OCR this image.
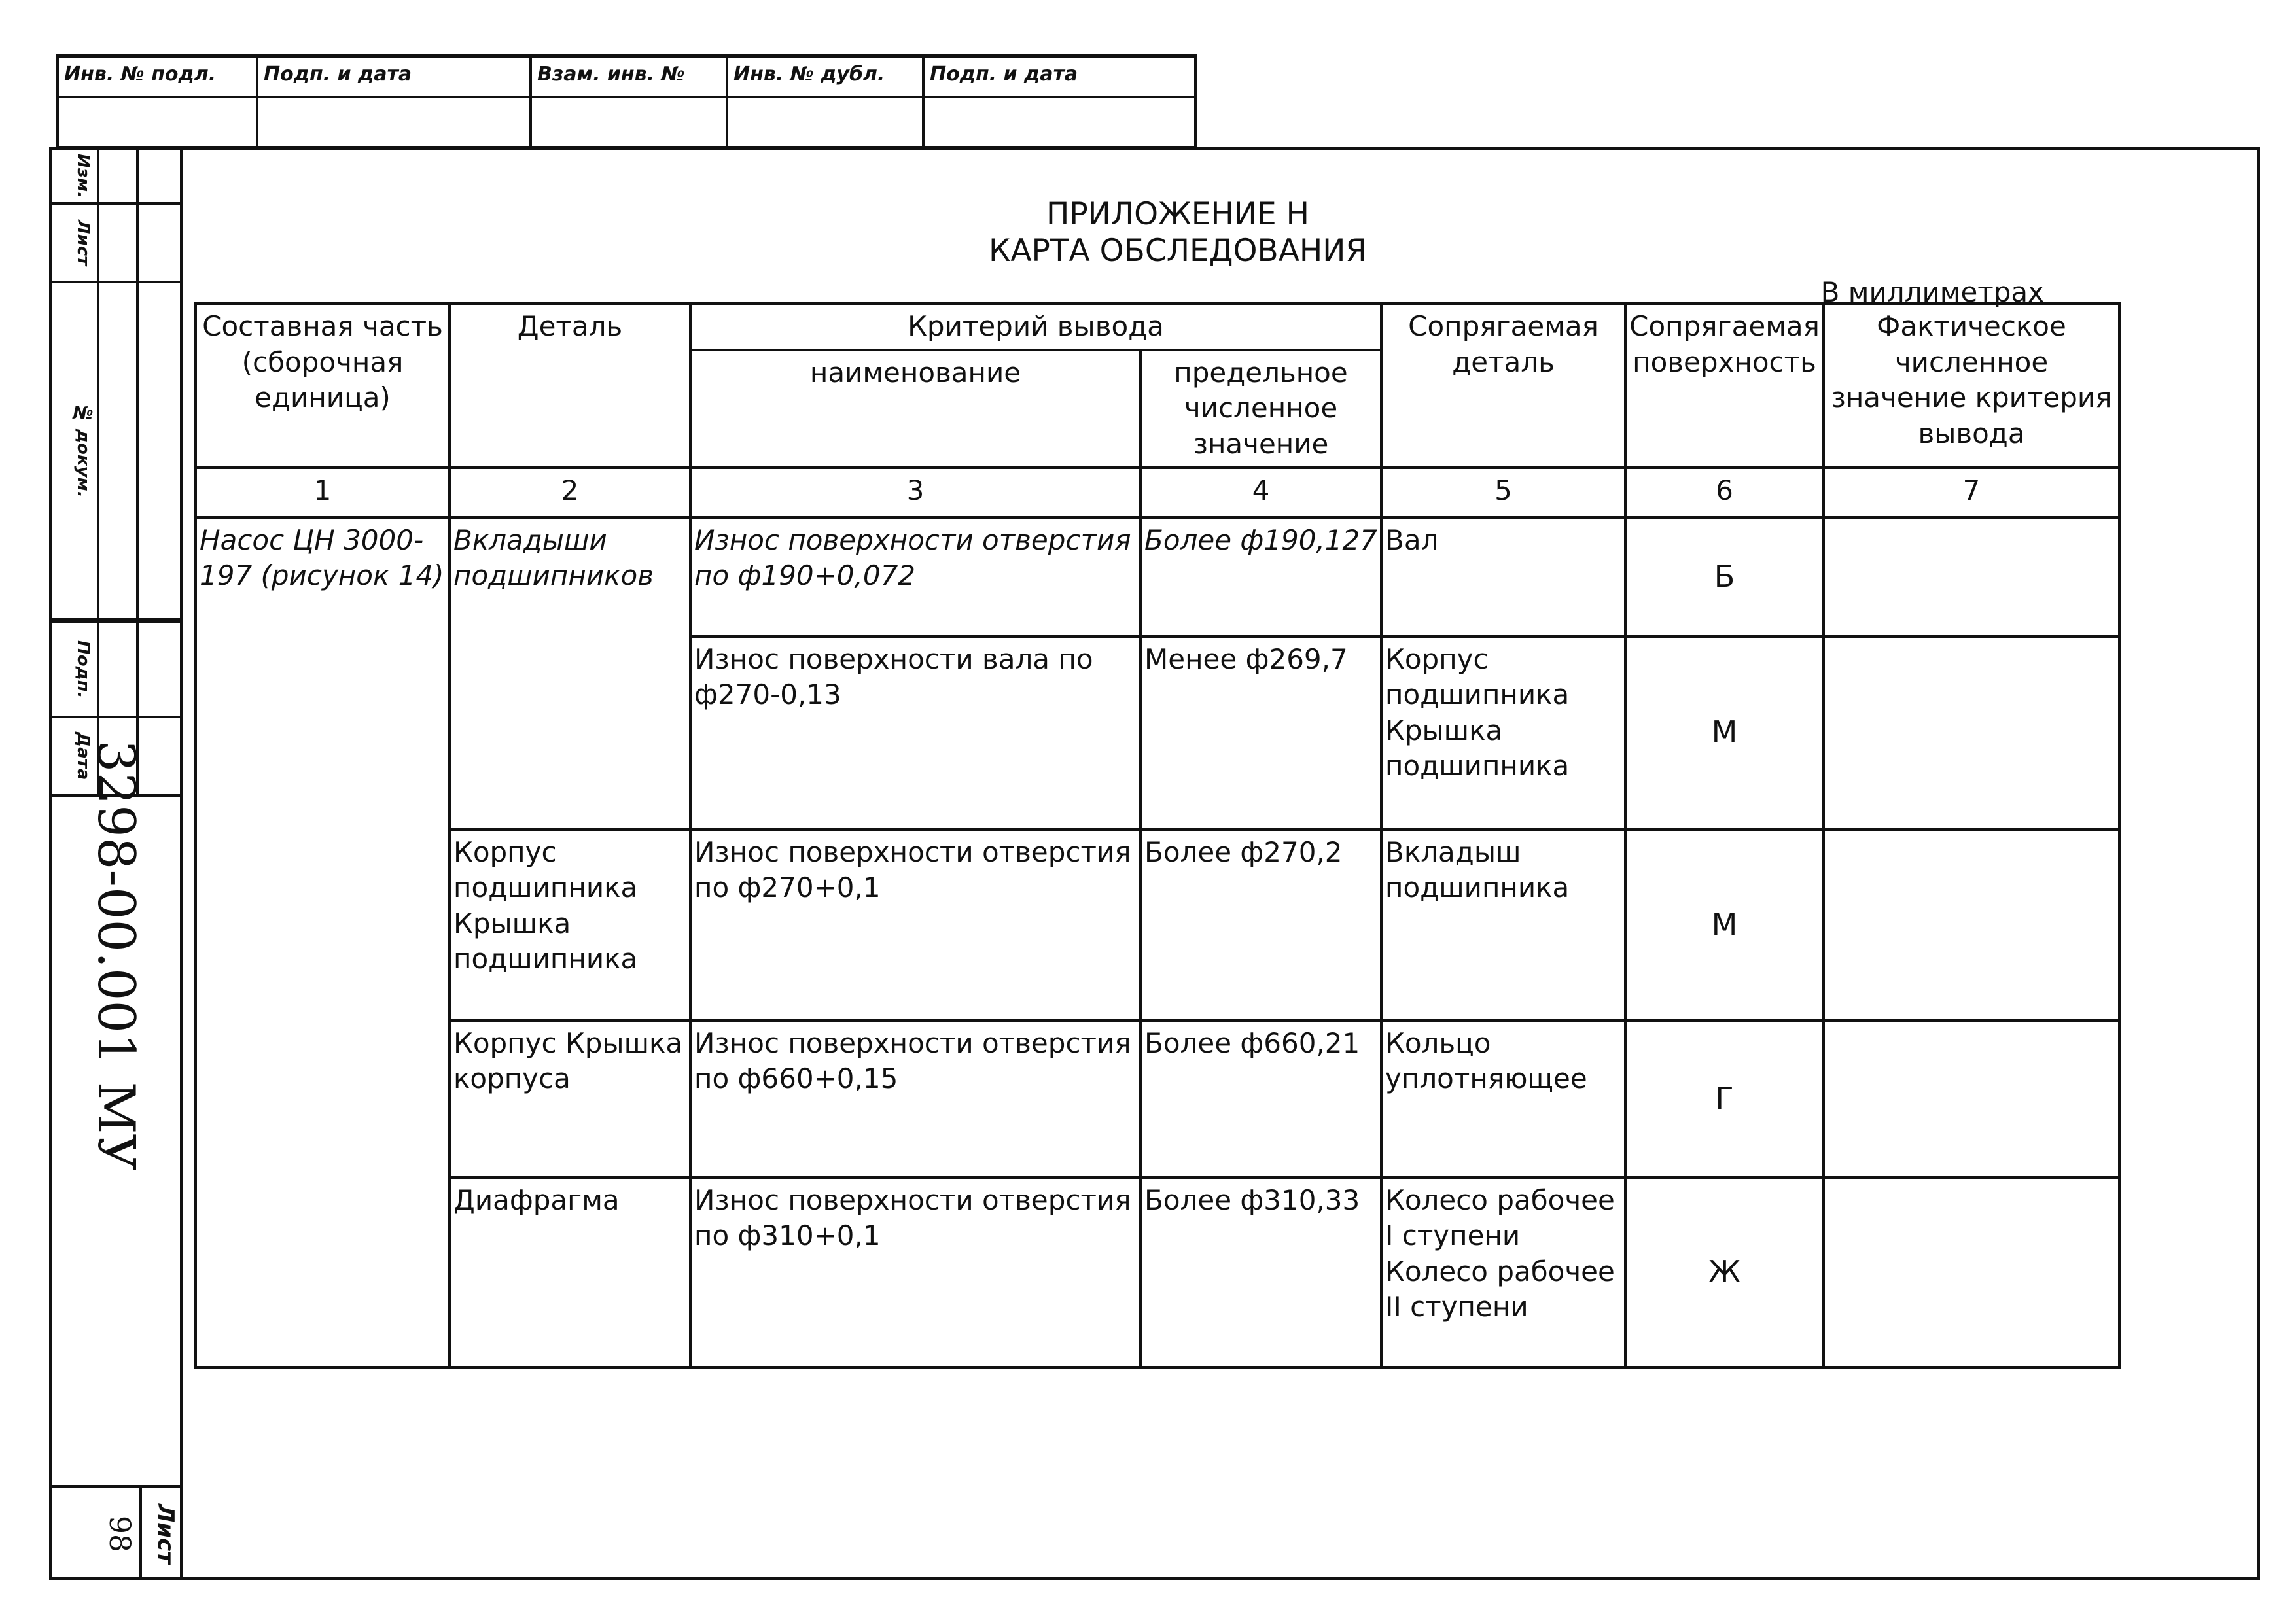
Инв. № подл.	Подп. и дата	Взам. инв. №	Инв. № дубл.	Подп. и дата
Изм.
Лист
№ докум.
Подп.
Дата
3298-00.001 МУ
98 Лист
ПРИЛОЖЕНИЕ Н
КАРТА ОБСЛЕДОВАНИЯ
В миллиметрах
Составная часть (сборочная единица)	Деталь	Критерий вывода		Сопрягаемая деталь	Сопрягаемая поверхность	Фактическое численное значение критерия вывода
		наименование	предельное численное значение			
1	2	3	4	5	6	7
Насос ЦН 3000-197 (рисунок 14)	Вкладыши подшипников	Износ поверхности отверстия по ф190+0,072	Более ф190,127	Вал	Б	
		Износ поверхности вала по ф270-0,13	Менее ф269,7	Корпус подшипника Крышка подшипника	М	
	Корпус подшипника Крышка подшипника	Износ поверхности отверстия по ф270+0,1	Более ф270,2	Вкладыш подшипника	М	
	Корпус Крышка корпуса	Износ поверхности отверстия по ф660+0,15	Более ф660,21	Кольцо уплотняющее	Г	
	Диафрагма	Износ поверхности отверстия по ф310+0,1	Более ф310,33	Колесо рабочее I ступени Колесо рабочее II ступени	Ж	
